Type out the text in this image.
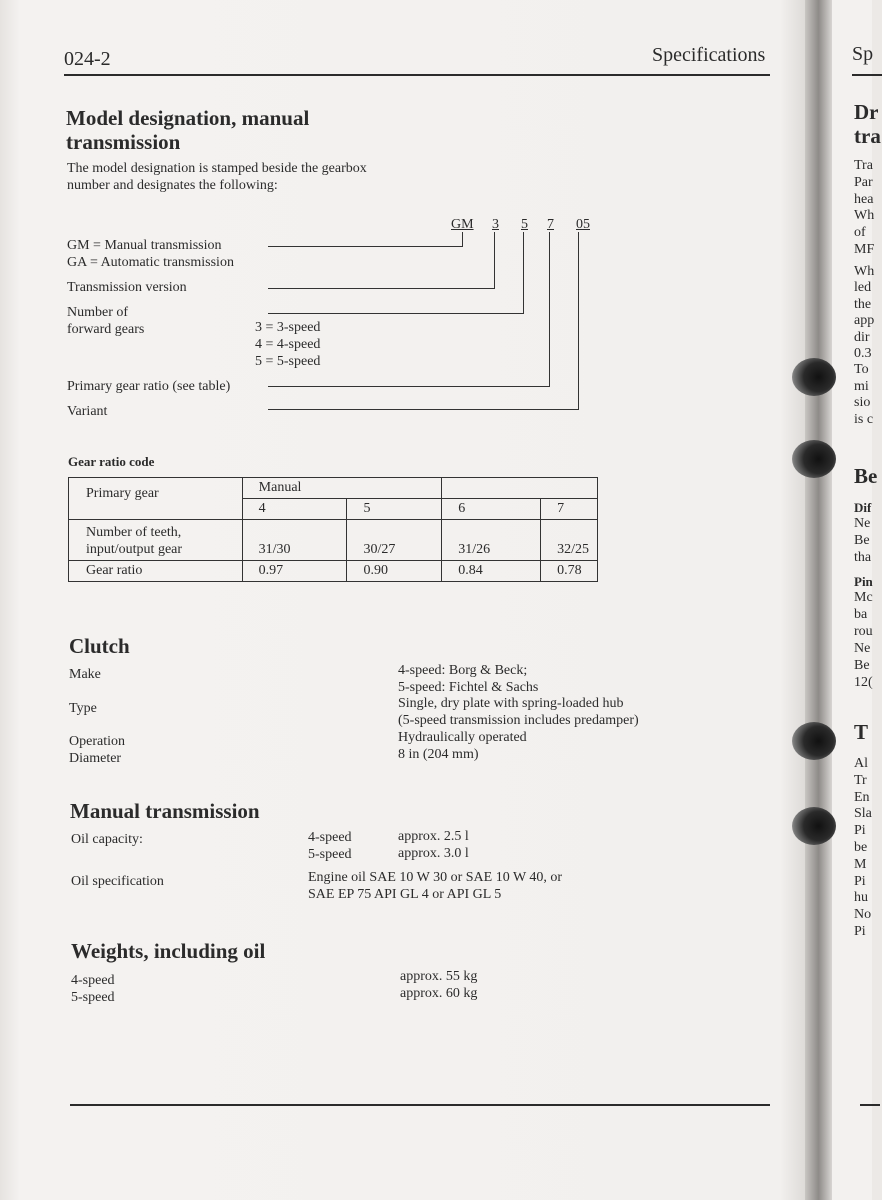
024-2	Specifications
Model designation, manual
transmission
The model designation is stamped beside the gearbox
number and designates the following:
GM 3 5 7 05
GM = Manual transmission
GA = Automatic transmission
Transmission version
Number of
forward gears	3 = 3-speed
4 = 4-speed
5 = 5-speed
Primary gear ratio (see table)
Variant
Gear ratio code
Primary gear	Manual			
	4	5	6	7
Number of teeth,
input/output gear	31/30	30/27	31/26	32/25
Gear ratio	0.97	0.90	0.84	0.78
Clutch
Make	4-speed: Borg & Beck;
5-speed: Fichtel & Sachs
Type	Single, dry plate with spring-loaded hub
(5-speed transmission includes predamper)
Operation	Hydraulically operated
Diameter	8 in (204 mm)
Manual transmission
Oil capacity:	4-speed	approx. 2.5 l
5-speed	approx. 3.0 l
Oil specification	Engine oil SAE 10 W 30 or SAE 10 W 40, or
SAE EP 75 API GL 4 or API GL 5
Weights, including oil
4-speed	approx. 55 kg
5-speed	approx. 60 kg
Sp
Dr
tra
Tra
Par
hea
Wh
of
MF
Wh
led
the
app
dir
0.3
To
mi
sio
is c
Be
Dif
Ne
Be
tha
Pin
Mc
ba
rou
Ne
Be
12(
T
Al
Tr
En
Sla
Pi
be
M
Pi
hu
No
Pi
